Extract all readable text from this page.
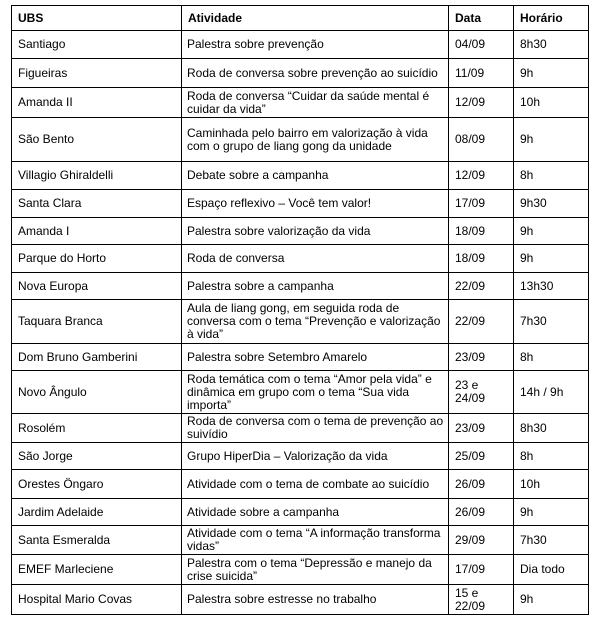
UBS	Atividade	Data	Horário
Santiago	Palestra sobre prevenção	04/09	8h30
Figueiras	Roda de conversa sobre prevenção ao suicídio	11/09	9h
Amanda II	Roda de conversa “Cuidar da saúde mental é cuidar da vida”	12/09	10h
São Bento	Caminhada pelo bairro em valorização à vida com o grupo de liang gong da unidade	08/09	9h
Villagio Ghiraldelli	Debate sobre a campanha	12/09	8h
Santa Clara	Espaço reflexivo – Você tem valor!	17/09	9h30
Amanda I	Palestra sobre valorização da vida	18/09	9h
Parque do Horto	Roda de conversa	18/09	9h
Nova Europa	Palestra sobre a campanha	22/09	13h30
Taquara Branca	Aula de liang gong, em seguida roda de conversa com o tema “Prevenção e valorização à vida”	22/09	7h30
Dom Bruno Gamberini	Palestra sobre Setembro Amarelo	23/09	8h
Novo Ângulo	Roda temática com o tema “Amor pela vida” e dinâmica em grupo com o tema “Sua vida importa”	23 e 24/09	14h / 9h
Rosolém	Roda de conversa com o tema de prevenção ao suivídio	23/09	8h30
São Jorge	Grupo HiperDia – Valorização da vida	25/09	8h
Orestes Öngaro	Atividade com o tema de combate ao suicídio	26/09	10h
Jardim Adelaide	Atividade sobre a campanha	26/09	9h
Santa Esmeralda	Atividade com o tema “A informação transforma vidas”	29/09	7h30
EMEF Marleciene	Palestra com o tema “Depressão e manejo da crise suicida”	17/09	Dia todo
Hospital Mario Covas	Palestra sobre estresse no trabalho	15 e 22/09	9h
